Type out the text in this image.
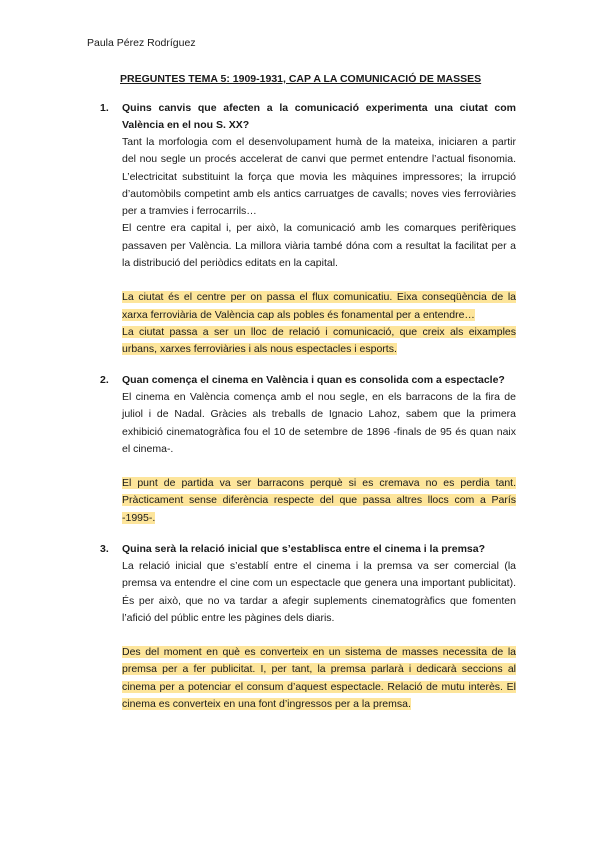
Paula Pérez Rodríguez
PREGUNTES TEMA 5: 1909-1931, CAP A LA COMUNICACIÓ DE MASSES
1.	Quins canvis que afecten a la comunicació experimenta una ciutat com València en el nou S. XX?

Tant la morfologia com el desenvolupament humà de la mateixa, iniciaren a partir del nou segle un procés accelerat de canvi que permet entendre l’actual fisonomia. L’electricitat substituint la força que movia les màquines impressores; la irrupció d’automòbils competint amb els antics carruatges de cavalls; noves vies ferroviàries per a tramvies i ferrocarrils…

El centre era capital i, per això, la comunicació amb les comarques perifèriques passaven per València. La millora viària també dóna com a resultat la facilitat per a la distribució del periòdics editats en la capital.

La ciutat és el centre per on passa el flux comunicatiu. Eixa conseqüència de la xarxa ferroviària de València cap als pobles és fonamental per a entendre…

La ciutat passa a ser un lloc de relació i comunicació, que creix als eixamples urbans, xarxes ferroviàries i als nous espectacles i esports.

2.	Quan comença el cinema en València i quan es consolida com a espectacle?

El cinema en València comença amb el nou segle, en els barracons de la fira de juliol i de Nadal. Gràcies als treballs de Ignacio Lahoz, sabem que la primera exhibició cinematogràfica fou el 10 de setembre de 1896 -finals de 95 és quan naix el cinema-.

El punt de partida va ser barracons perquè si es cremava no es perdia tant. Pràcticament sense diferència respecte del que passa altres llocs com a París -1995-.

3.	Quina serà la relació inicial que s’establisca entre el cinema i la premsa?

La relació inicial que s’establí entre el cinema i la premsa va ser comercial (la premsa va entendre el cine com un espectacle que genera una important publicitat). És per això, que no va tardar a afegir suplements cinematogràfics que fomenten l’afició del públic entre les pàgines dels diaris.

Des del moment en què es converteix en un sistema de masses necessita de la premsa per a fer publicitat. I, per tant, la premsa parlarà i dedicarà seccions al cinema per a potenciar el consum d’aquest espectacle. Relació de mutu interès. El cinema es converteix en una font d’ingressos per a la premsa.
